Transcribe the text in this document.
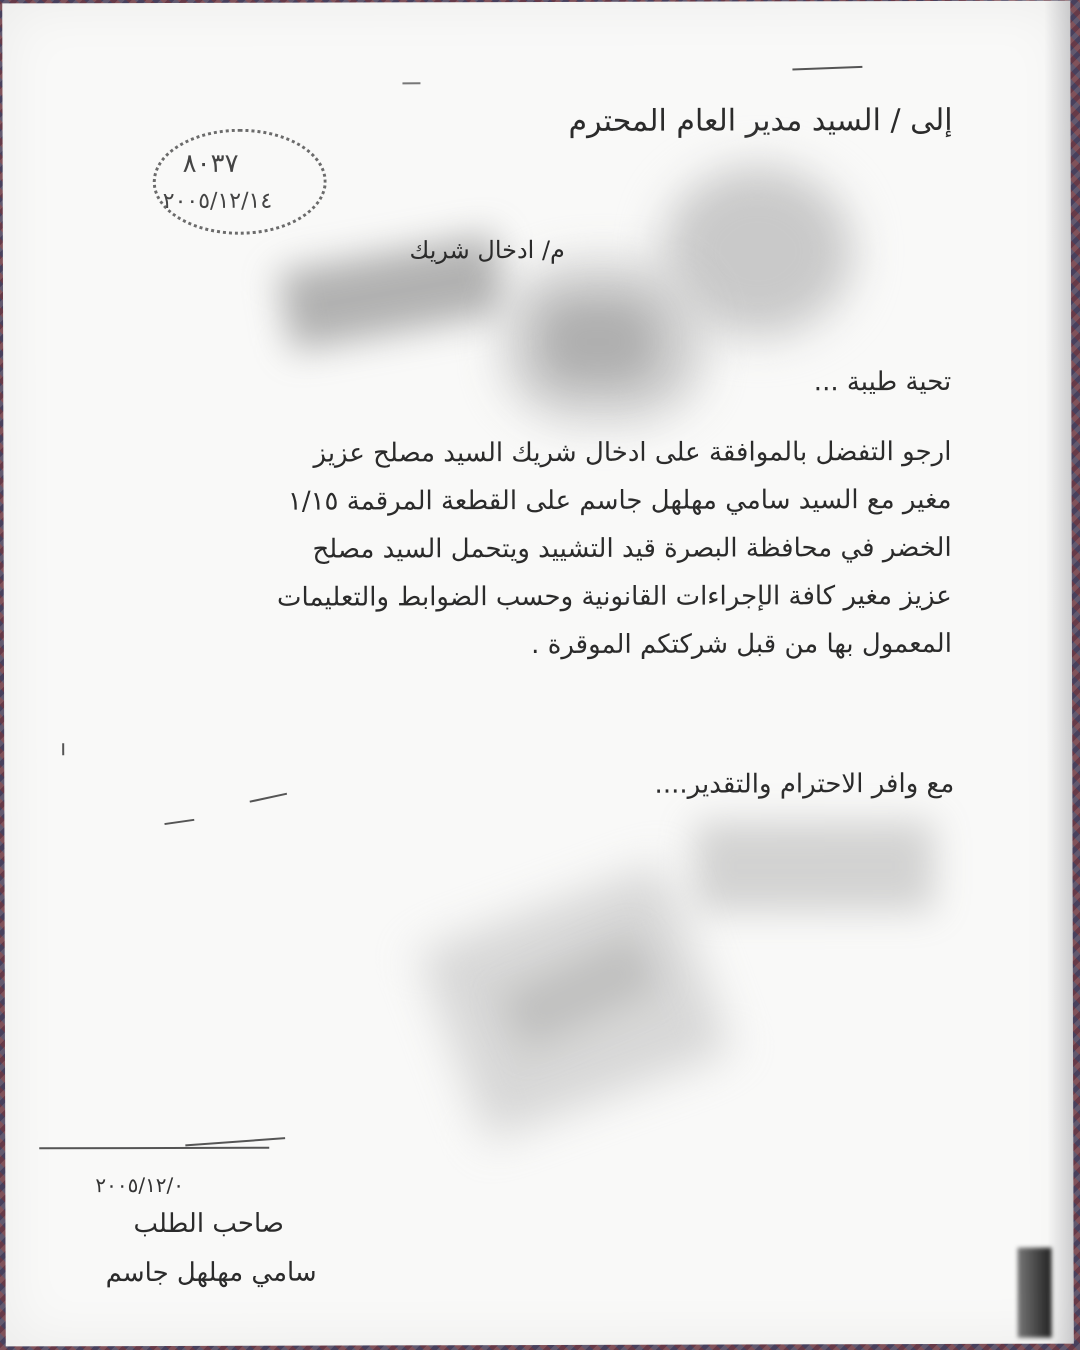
إلى / السيد مدير العام المحترم
٨٠٣٧
٢٠٠٥/١٢/١٤
م/ ادخال شريك
تحية طيبة ...
ارجو التفضل بالموافقة على ادخال شريك السيد مصلح عزيز
مغير مع السيد سامي مهلهل جاسم على القطعة المرقمة ١/١٥
الخضر في محافظة البصرة قيد التشييد ويتحمل السيد مصلح
عزيز مغير كافة الإجراءات القانونية وحسب الضوابط والتعليمات
المعمول بها من قبل شركتكم الموقرة .
مع وافر الاحترام والتقدير....
٢٠٠٥/١٢/٠
صاحب الطلب
سامي مهلهل جاسم
